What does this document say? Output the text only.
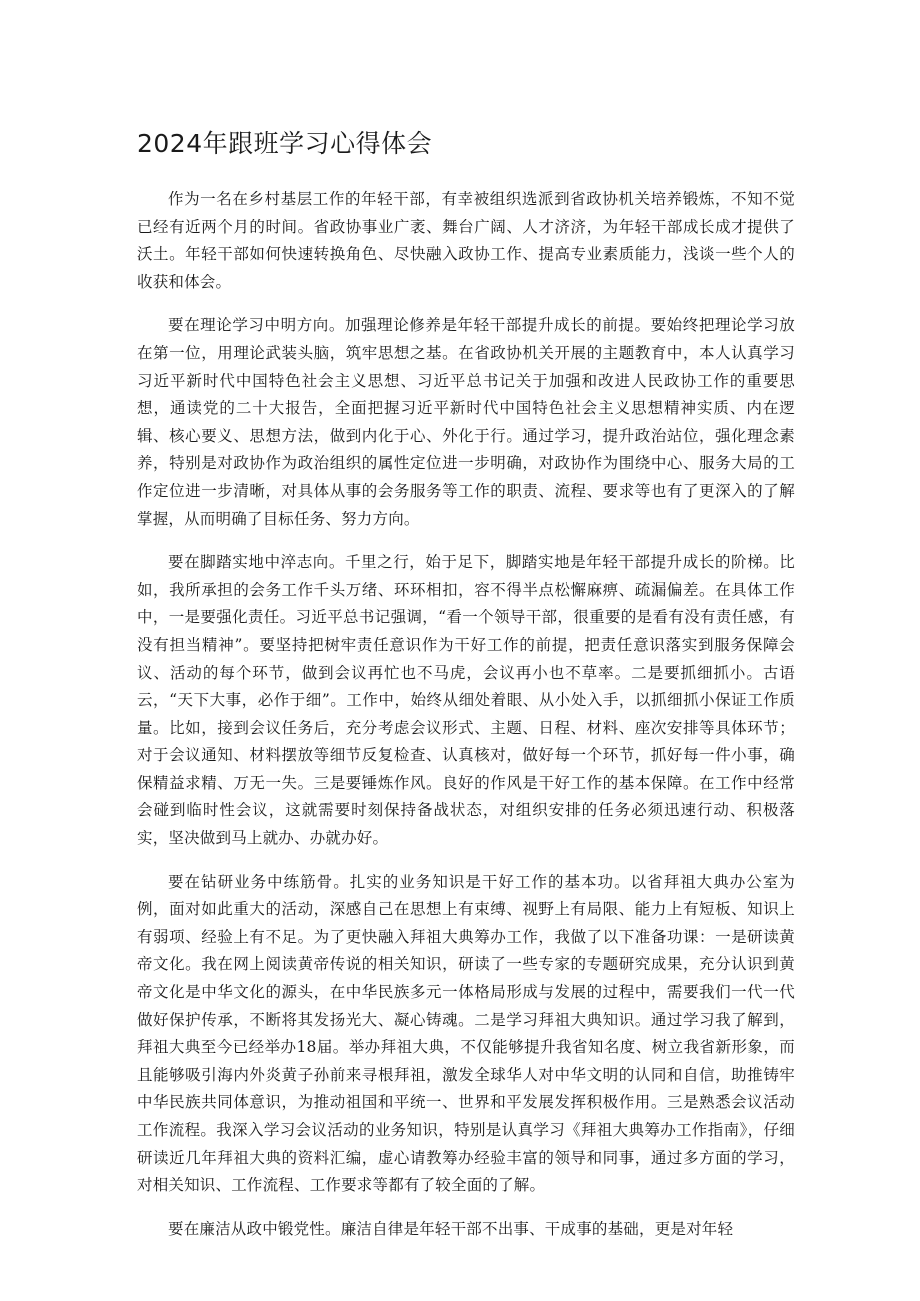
2024年跟班学习心得体会

作为一名在乡村基层工作的年轻干部，有幸被组织选派到省政协机关培养锻炼，不知不觉已经有近两个月的时间。省政协事业广袤、舞台广阔、人才济济，为年轻干部成长成才提供了沃土。年轻干部如何快速转换角色、尽快融入政协工作、提高专业素质能力，浅谈一些个人的收获和体会。

要在理论学习中明方向。加强理论修养是年轻干部提升成长的前提。要始终把理论学习放在第一位，用理论武装头脑，筑牢思想之基。在省政协机关开展的主题教育中，本人认真学习习近平新时代中国特色社会主义思想、习近平总书记关于加强和改进人民政协工作的重要思想，通读党的二十大报告，全面把握习近平新时代中国特色社会主义思想精神实质、内在逻辑、核心要义、思想方法，做到内化于心、外化于行。通过学习，提升政治站位，强化理念素养，特别是对政协作为政治组织的属性定位进一步明确，对政协作为围绕中心、服务大局的工作定位进一步清晰，对具体从事的会务服务等工作的职责、流程、要求等也有了更深入的了解掌握，从而明确了目标任务、努力方向。

要在脚踏实地中淬志向。千里之行，始于足下，脚踏实地是年轻干部提升成长的阶梯。比如，我所承担的会务工作千头万绪、环环相扣，容不得半点松懈麻痹、疏漏偏差。在具体工作中，一是要强化责任。习近平总书记强调，“看一个领导干部，很重要的是看有没有责任感，有没有担当精神”。要坚持把树牢责任意识作为干好工作的前提，把责任意识落实到服务保障会议、活动的每个环节，做到会议再忙也不马虎，会议再小也不草率。二是要抓细抓小。古语云，“天下大事，必作于细”。工作中，始终从细处着眼、从小处入手，以抓细抓小保证工作质量。比如，接到会议任务后，充分考虑会议形式、主题、日程、材料、座次安排等具体环节；对于会议通知、材料摆放等细节反复检查、认真核对，做好每一个环节，抓好每一件小事，确保精益求精、万无一失。三是要锤炼作风。良好的作风是干好工作的基本保障。在工作中经常会碰到临时性会议，这就需要时刻保持备战状态，对组织安排的任务必须迅速行动、积极落实，坚决做到马上就办、办就办好。

要在钻研业务中练筋骨。扎实的业务知识是干好工作的基本功。以省拜祖大典办公室为例，面对如此重大的活动，深感自己在思想上有束缚、视野上有局限、能力上有短板、知识上有弱项、经验上有不足。为了更快融入拜祖大典筹办工作，我做了以下准备功课：一是研读黄帝文化。我在网上阅读黄帝传说的相关知识，研读了一些专家的专题研究成果，充分认识到黄帝文化是中华文化的源头，在中华民族多元一体格局形成与发展的过程中，需要我们一代一代做好保护传承，不断将其发扬光大、凝心铸魂。二是学习拜祖大典知识。通过学习我了解到，拜祖大典至今已经举办18届。举办拜祖大典，不仅能够提升我省知名度、树立我省新形象，而且能够吸引海内外炎黄子孙前来寻根拜祖，激发全球华人对中华文明的认同和自信，助推铸牢中华民族共同体意识，为推动祖国和平统一、世界和平发展发挥积极作用。三是熟悉会议活动工作流程。我深入学习会议活动的业务知识，特别是认真学习《拜祖大典筹办工作指南》，仔细研读近几年拜祖大典的资料汇编，虚心请教筹办经验丰富的领导和同事，通过多方面的学习，对相关知识、工作流程、工作要求等都有了较全面的了解。

要在廉洁从政中锻党性。廉洁自律是年轻干部不出事、干成事的基础，更是对年轻
